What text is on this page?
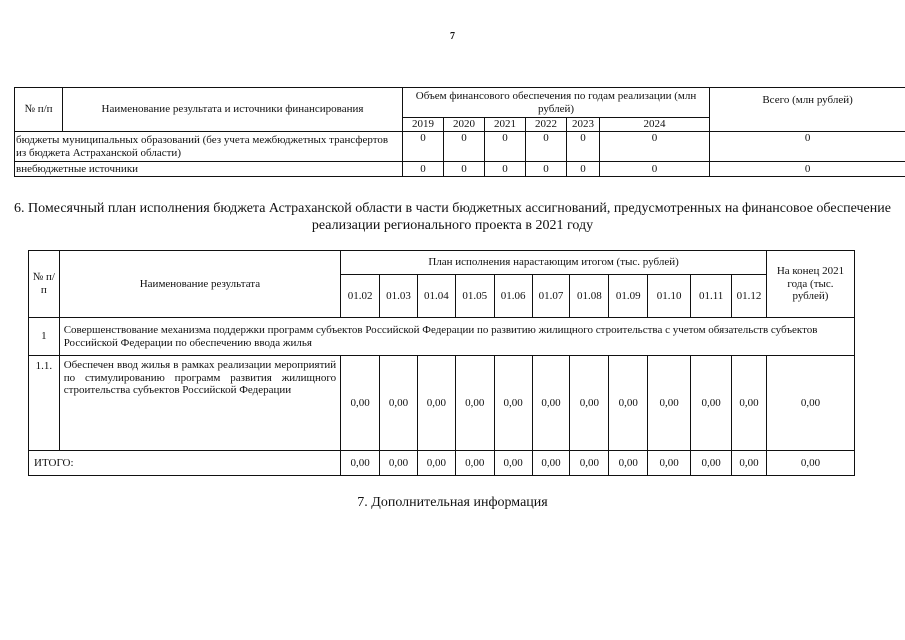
7
№ п/п	Наименование результата и источники финансирования	Объем финансового обеспечения по годам реализации (млн рублей)						Всего (млн рублей)
		2019	2020	2021	2022	2023	2024	
бюджеты муниципальных образований (без учета межбюджетных трансфертов из бюджета Астраханской области)		0	0	0	0	0	0	0
внебюджетные источники		0	0	0	0	0	0	0
6. Помесячный план исполнения бюджета Астраханской области в части бюджетных ассигнований, предусмотренных на финансовое обеспечение реализации регионального проекта в 2021 году
№ п/п	Наименование результата	План исполнения нарастающим итогом (тыс. рублей)											На конец 2021 года (тыс. рублей)
		01.02	01.03	01.04	01.05	01.06	01.07	01.08	01.09	01.10	01.11	01.12	
1	Совершенствование механизма поддержки программ субъектов Российской Федерации по развитию жилищного строительства с учетом обязательств субъектов Российской Федерации по обеспечению ввода жилья												
1.1.	Обеспечен ввод жилья в рамках реализации мероприятий по стимулированию программ развития жилищного строительства субъектов Российской Федерации	0,00	0,00	0,00	0,00	0,00	0,00	0,00	0,00	0,00	0,00	0,00	0,00
ИТОГО:		0,00	0,00	0,00	0,00	0,00	0,00	0,00	0,00	0,00	0,00	0,00	0,00
7. Дополнительная информация
